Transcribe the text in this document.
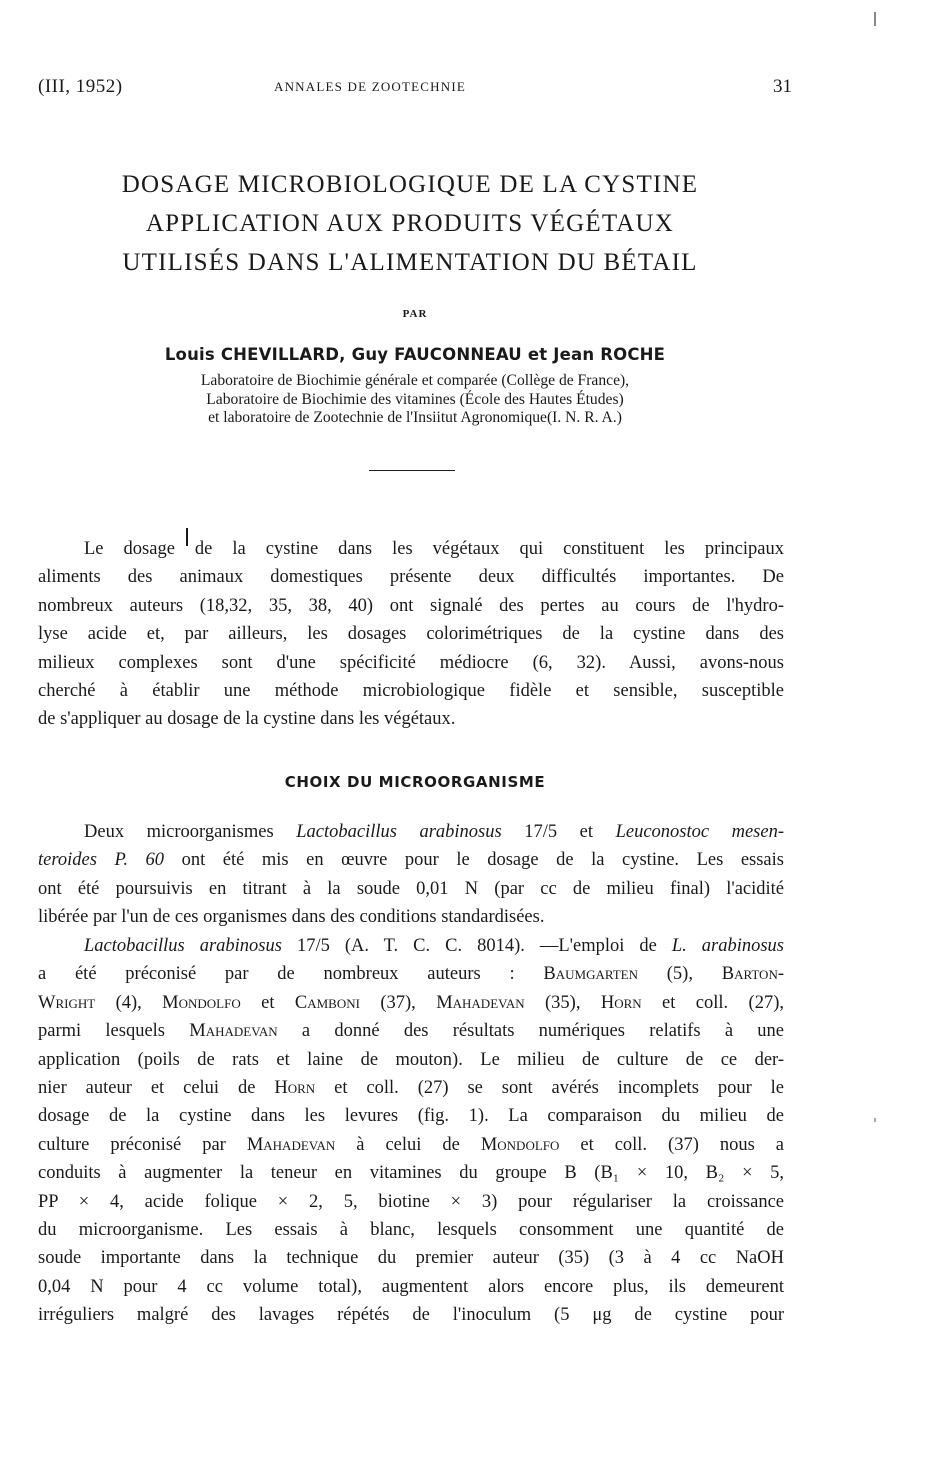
(III, 1952)	ANNALES DE ZOOTECHNIE	31
DOSAGE MICROBIOLOGIQUE DE LA CYSTINE
APPLICATION AUX PRODUITS VÉGÉTAUX
UTILISÉS DANS L'ALIMENTATION DU BÉTAIL
PAR
Louis CHEVILLARD, Guy FAUCONNEAU et Jean ROCHE
Laboratoire de Biochimie générale et comparée (Collège de France),
Laboratoire de Biochimie des vitamines (École des Hautes Études)
et laboratoire de Zootechnie de l'Insiitut Agronomique(I. N. R. A.)
Le dosage de la cystine dans les végétaux qui constituent les principaux
aliments des animaux domestiques présente deux difficultés importantes. De
nombreux auteurs (18,32, 35, 38, 40) ont signalé des pertes au cours de l'hydro-
lyse acide et, par ailleurs, les dosages colorimétriques de la cystine dans des
milieux complexes sont d'une spécificité médiocre (6, 32). Aussi, avons-nous
cherché à établir une méthode microbiologique fidèle et sensible, susceptible
de s'appliquer au dosage de la cystine dans les végétaux.
CHOIX DU MICROORGANISME
Deux microorganismes Lactobacillus arabinosus 17/5 et Leuconostoc mesen-
teroides P. 60 ont été mis en œuvre pour le dosage de la cystine. Les essais
ont été poursuivis en titrant à la soude 0,01 N (par cc de milieu final) l'acidité
libérée par l'un de ces organismes dans des conditions standardisées.
Lactobacillus arabinosus 17/5 (A. T. C. C. 8014). —L'emploi de L. arabinosus
a été préconisé par de nombreux auteurs : Baumgarten (5), Barton-
Wright (4), Mondolfo et Camboni (37), Mahadevan (35), Horn et coll. (27),
parmi lesquels Mahadevan a donné des résultats numériques relatifs à une
application (poils de rats et laine de mouton). Le milieu de culture de ce der-
nier auteur et celui de Horn et coll. (27) se sont avérés incomplets pour le
dosage de la cystine dans les levures (fig. 1). La comparaison du milieu de
culture préconisé par Mahadevan à celui de Mondolfo et coll. (37) nous a
conduits à augmenter la teneur en vitamines du groupe B (B₁ × 10, B₂ × 5,
PP × 4, acide folique × 2, 5, biotine × 3) pour régulariser la croissance
du microorganisme. Les essais à blanc, lesquels consomment une quantité de
soude importante dans la technique du premier auteur (35) (3 à 4 cc NaOH
0,04 N pour 4 cc volume total), augmentent alors encore plus, ils demeurent
irréguliers malgré des lavages répétés de l'inoculum (5 μg de cystine pour
